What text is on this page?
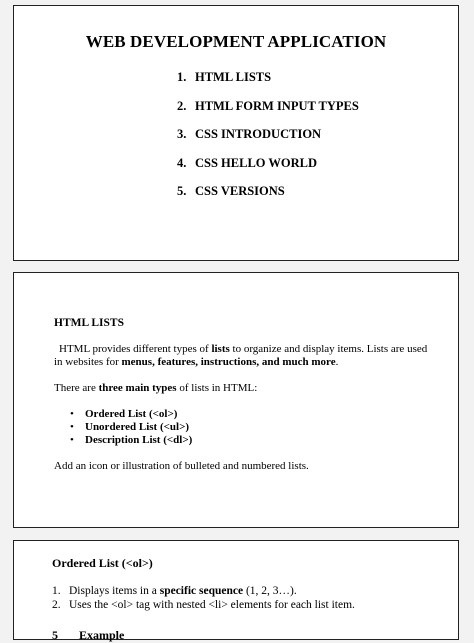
WEB DEVELOPMENT APPLICATION
1. HTML LISTS
2. HTML FORM INPUT TYPES
3. CSS INTRODUCTION
4. CSS HELLO WORLD
5. CSS VERSIONS
HTML LISTS

HTML provides different types of lists to organize and display items. Lists are used in websites for menus, features, instructions, and much more.

There are three main types of lists in HTML:

•	Ordered List (<ol>)
•	Unordered List (<ul>)
•	Description List (<dl>)

Add an icon or illustration of bulleted and numbered lists.

Ordered List (<ol>)
1. Displays items in a specific sequence (1, 2, 3…).
2. Uses the <ol> tag with nested <li> elements for each list item.
5       Example
